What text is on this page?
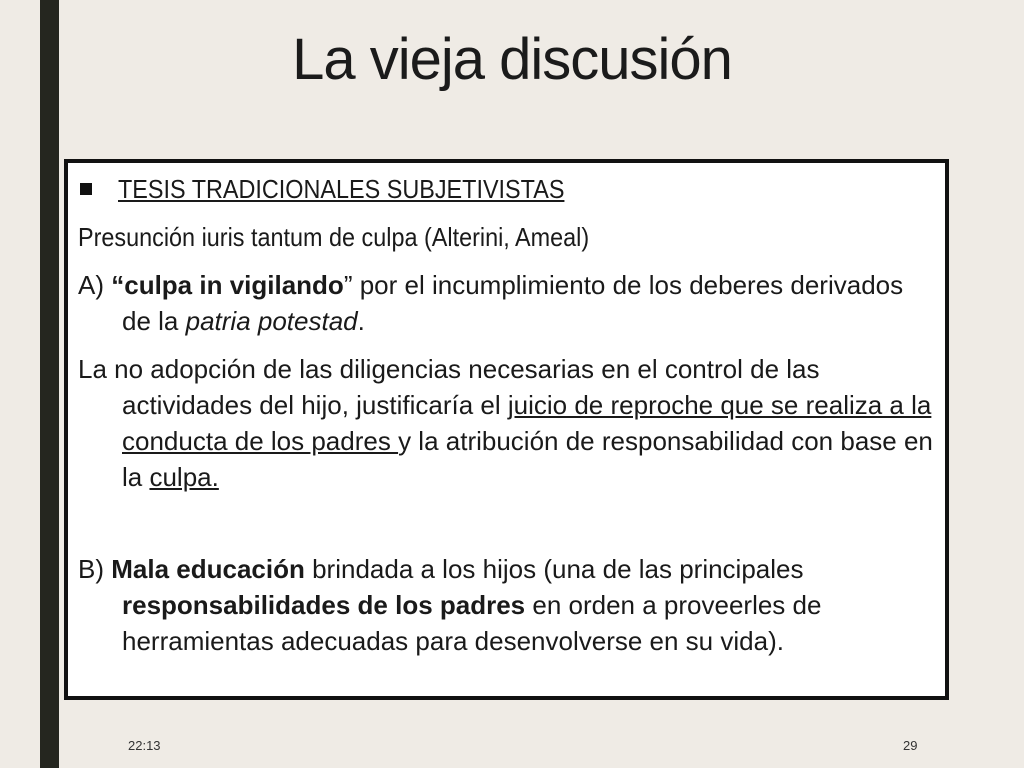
La vieja discusión
TESIS TRADICIONALES SUBJETIVISTAS
Presunción iuris tantum de culpa (Alterini, Ameal)

A) “culpa in vigilando” por el incumplimiento de los deberes derivados de la patria potestad.

La no adopción de las diligencias necesarias en el control de las actividades del hijo, justificaría el juicio de reproche que se realiza a la conducta de los padres y la atribución de responsabilidad con base en la culpa.

B) Mala educación brindada a los hijos (una de las principales responsabilidades de los padres en orden a proveerles de herramientas adecuadas para desenvolverse en su vida).

22:13	29
